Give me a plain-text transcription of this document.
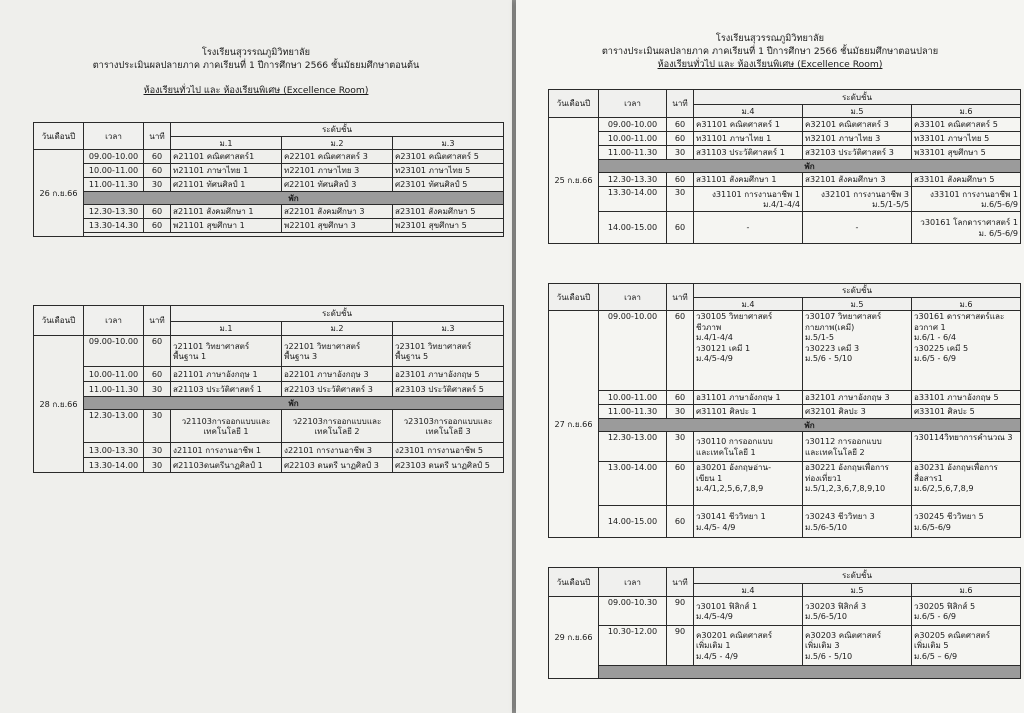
โรงเรียนสุวรรณภูมิวิทยาลัย
ตารางประเมินผลปลายภาค ภาคเรียนที่ 1 ปีการศึกษา 2566 ชั้นมัธยมศึกษาตอนต้น
ห้องเรียนทั่วไป และ ห้องเรียนพิเศษ (Excellence Room)
วันเดือนปี	เวลา	นาที	ระดับชั้น		
			ม.1	ม.2	ม.3
26 ก.ย.66	09.00-10.00	60	ค21101 คณิตศาสตร์1	ค22101 คณิตศาสตร์ 3	ค23101 คณิตศาสตร์ 5
	10.00-11.00	60	ท21101 ภาษาไทย 1	ท22101 ภาษาไทย 3	ท23101 ภาษาไทย 5
	11.00-11.30	30	ศ21101 ทัศนศิลป์ 1	ศ22101 ทัศนศิลป์ 3	ศ23101 ทัศนศิลป์ 5
	พัก				
	12.30-13.30	60	ส21101 สังคมศึกษา 1	ส22101 สังคมศึกษา 3	ส23101 สังคมศึกษา 5
	13.30-14.30	60	พ21101 สุขศึกษา 1	พ22101 สุขศึกษา 3	พ23101 สุขศึกษา 5

วันเดือนปี	เวลา	นาที	ระดับชั้น		
			ม.1	ม.2	ม.3
28 ก.ย.66	09.00-10.00	60	ว21101 วิทยาศาสตร์
พื้นฐาน 1	ว22101 วิทยาศาสตร์
พื้นฐาน 3	ว23101 วิทยาศาสตร์
พื้นฐาน 5
	10.00-11.00	60	อ21101 ภาษาอังกฤษ 1	อ22101 ภาษาอังกฤษ 3	อ23101 ภาษาอังกฤษ 5
	11.00-11.30	30	ส21103 ประวัติศาสตร์ 1	ส22103 ประวัติศาสตร์ 3	ส23103 ประวัติศาสตร์ 5
	พัก				
	12.30-13.00	30	ว21103การออกแบบและ
เทคโนโลยี 1	ว22103การออกแบบและ
เทคโนโลยี 2	ว23103การออกแบบและ
เทคโนโลยี 3
	13.00-13.30	30	ง21101 การงานอาชีพ 1	ง22101 การงานอาชีพ 3	ง23101 การงานอาชีพ 5
	13.30-14.00	30	ศ21103ดนตรีนาฏศิลป์ 1	ศ22103 ดนตรี นาฏศิลป์ 3	ศ23103 ดนตรี นาฏศิลป์ 5
โรงเรียนสุวรรณภูมิวิทยาลัย
ตารางประเมินผลปลายภาค ภาคเรียนที่ 1 ปีการศึกษา 2566 ชั้นมัธยมศึกษาตอนปลาย
ห้องเรียนทั่วไป และ ห้องเรียนพิเศษ (Excellence Room)
วันเดือนปี	เวลา	นาที	ระดับชั้น		
			ม.4	ม.5	ม.6
25 ก.ย.66	09.00-10.00	60	ค31101 คณิตศาสตร์ 1	ค32101 คณิตศาสตร์ 3	ค33101 คณิตศาสตร์ 5
	10.00-11.00	60	ท31101 ภาษาไทย 1	ท32101 ภาษาไทย 3	ท33101 ภาษาไทย 5
	11.00-11.30	30	ส31103 ประวัติศาสตร์ 1	ส32103 ประวัติศาสตร์ 3	พ33101 สุขศึกษา 5
	พัก				
	12.30-13.30	60	ส31101 สังคมศึกษา 1	ส32101 สังคมศึกษา 3	ส33101 สังคมศึกษา 5
	13.30-14.00	30	ง31101 การงานอาชีพ 1
ม.4/1-4/4	ง32101 การงานอาชีพ 3
ม.5/1-5/5	ง33101 การงานอาชีพ 1
ม.6/5-6/9
	14.00-15.00	60	-	-	ว30161 โลกดาราศาสตร์ 1
ม. 6/5-6/9
วันเดือนปี	เวลา	นาที	ระดับชั้น		
			ม.4	ม.5	ม.6
27 ก.ย.66	09.00-10.00	60	ว30105 วิทยาศาสตร์
ชีวภาพ
ม.4/1-4/4
ว30121 เคมี 1
ม.4/5-4/9	ว30107 วิทยาศาสตร์
กายภาพ(เคมี)
ม.5/1-5
ว30223 เคมี 3
ม.5/6 - 5/10	ว30161 ดาราศาสตร์และ
อวกาศ 1
ม.6/1 - 6/4
ว30225 เคมี 5
ม.6/5 - 6/9
	10.00-11.00	60	อ31101 ภาษาอังกฤษ 1	อ32101 ภาษาอังกฤษ 3	อ33101 ภาษาอังกฤษ 5
	11.00-11.30	30	ศ31101 ศิลปะ 1	ศ32101 ศิลปะ 3	ศ33101 ศิลปะ 5
	พัก				
	12.30-13.00	30	ว30110 การออกแบบ
และเทคโนโลยี 1	ว30112 การออกแบบ
และเทคโนโลยี 2	ว30114วิทยาการคำนวณ 3
	13.00-14.00	60	อ30201 อังกฤษอ่าน-
เขียน 1
ม.4/1,2,5,6,7,8,9	อ30221 อังกฤษเพื่อการ
ท่องเที่ยว1
ม.5/1,2,3,6,7,8,9,10	อ30231 อังกฤษเพื่อการ
สื่อสาร1
ม.6/2,5,6,7,8,9
	14.00-15.00	60	ว30141 ชีววิทยา 1
ม.4/5- 4/9	ว30243 ชีววิทยา 3
ม.5/6-5/10	ว30245 ชีววิทยา 5
ม.6/5-6/9
วันเดือนปี	เวลา	นาที	ระดับชั้น		
			ม.4	ม.5	ม.6
29 ก.ย.66	09.00-10.30	90	ว30101 ฟิสิกส์ 1
ม.4/5-4/9	ว30203 ฟิสิกส์ 3
ม.5/6-5/10	ว30205 ฟิสิกส์ 5
ม.6/5 - 6/9
	10.30-12.00	90	ค30201 คณิตศาสตร์
เพิ่มเติม 1
ม.4/5 - 4/9	ค30203 คณิตศาสตร์
เพิ่มเติม 3
ม.5/6 - 5/10	ค30205 คณิตศาสตร์
เพิ่มเติม 5
ม.6/5 – 6/9
